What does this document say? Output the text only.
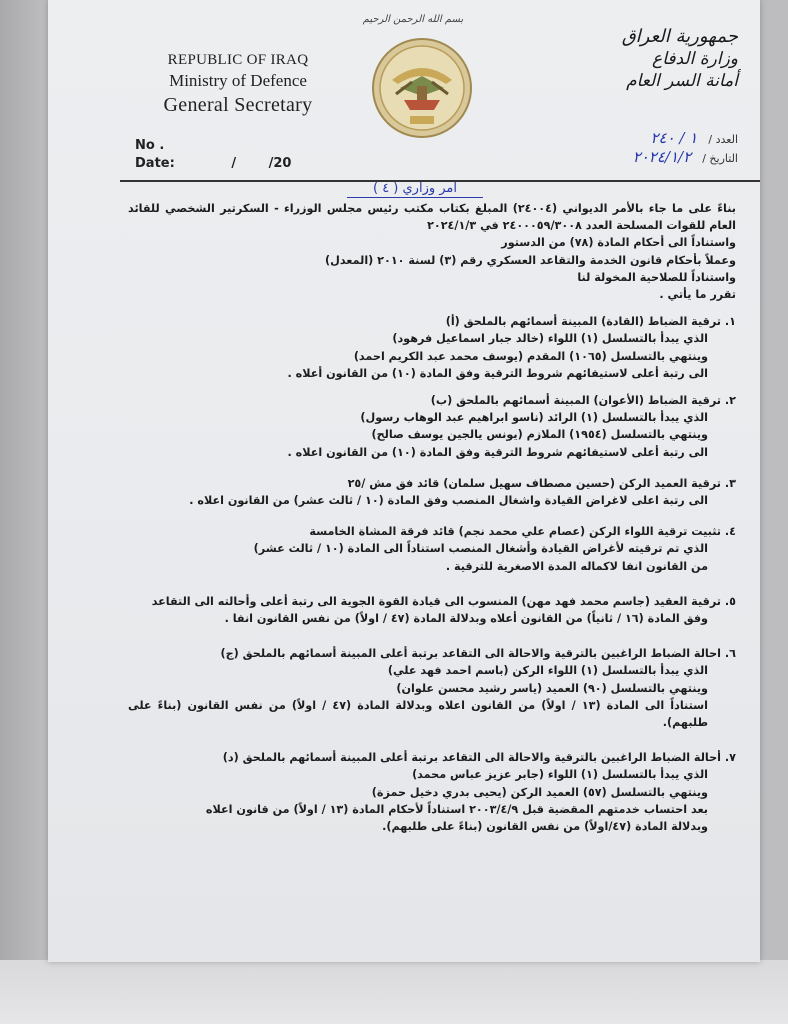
REPUBLIC OF IRAQ
Ministry of Defence
General Secretary
No .
Date:	/	/20
بسم الله الرحمن الرحيم
جمهورية العراق
وزارة الدفاع
أمانة السر العام
العدد / ١ / ٢٤٠
التاريخ / ٢٠٢٤/١/٢
امر وزاري ( ٤ )

بناءً على ما جاء بالأمر الديواني (٢٤٠٠٤) المبلغ بكتاب مكتب رئيس مجلس الوزراء - السكرتير الشخصي للقائد العام للقوات المسلحة العدد ٢٤٠٠٠٥٩/٣٠٠٨ في ٢٠٢٤/١/٣

واستناداً الى أحكام المادة (٧٨) من الدستور

وعملاً بأحكام قانون الخدمة والتقاعد العسكري رقم (٣) لسنة ٢٠١٠ (المعدل)

واستناداً للصلاحية المخولة لنا

تقرر ما يأتي .

١. ترقية الضباط (القادة) المبينة أسمائهم بالملحق (أ)

الذي يبدأ بالتسلسل (١) اللواء (خالد جبار اسماعيل فرهود)

وينتهي بالتسلسل (١٠٦٥) المقدم (يوسف محمد عبد الكريم احمد)

الى رتبة أعلى لاستيفائهم شروط الترقية وفق المادة (١٠) من القانون أعلاه .

٢. ترقية الضباط (الأعوان) المبينة أسمائهم بالملحق (ب)

الذي يبدأ بالتسلسل (١) الرائد (ناسو ابراهيم عبد الوهاب رسول)

وينتهي بالتسلسل (١٩٥٤) الملازم (يونس يالجين يوسف صالح)

الى رتبة أعلى لاستيفائهم شروط الترقية وفق المادة (١٠) من القانون اعلاه .

٣. ترقية العميد الركن (حسين مصطاف سهيل سلمان) قائد فق مش /٢٥

الى رتبة اعلى لاغراض القيادة واشغال المنصب وفق المادة (١٠ / ثالث عشر) من القانون اعلاه .

٤. تثبيت ترقية اللواء الركن (عصام علي محمد نجم) قائد فرقة المشاة الخامسة

الذي تم ترقيته لأغراض القيادة وأشغال المنصب استناداً الى المادة (١٠ / ثالث عشر)

من القانون انفا لاكماله المدة الاصغرية للترقية .

٥. ترقية العقيد (جاسم محمد فهد مهن) المنسوب الى قيادة القوة الجوية الى رتبة أعلى وأحالته الى التقاعد

وفق المادة (١٦ / ثانياً) من القانون أعلاه وبدلالة المادة (٤٧ / اولاً) من نفس القانون انفا .

٦. احالة الضباط الراغبين بالترقية والاحالة الى التقاعد برتبة أعلى المبينة أسمائهم بالملحق (ج)

الذي يبدأ بالتسلسل (١) اللواء الركن (باسم احمد فهد علي)

وينتهي بالتسلسل (٩٠) العميد (ياسر رشيد محسن علوان)

استناداً الى المادة (١٣ / اولاً) من القانون اعلاه وبدلالة المادة (٤٧ / اولاً) من نفس القانون (بناءً على طلبهم).

٧. أحالة الضباط الراغبين بالترقية والاحالة الى التقاعد برتبة أعلى المبينة أسمائهم بالملحق (د)

الذي يبدأ بالتسلسل (١) اللواء (جابر عزيز عباس محمد)

وينتهي بالتسلسل (٥٧) العميد الركن (يحيى بدري دخيل حمزة)

بعد احتساب خدمتهم المقضية قبل ٢٠٠٣/٤/٩ استناداً لأحكام المادة (١٣ / اولاً) من قانون اعلاه

وبدلالة المادة (٤٧/اولاً) من نفس القانون (بناءً على طلبهم).
